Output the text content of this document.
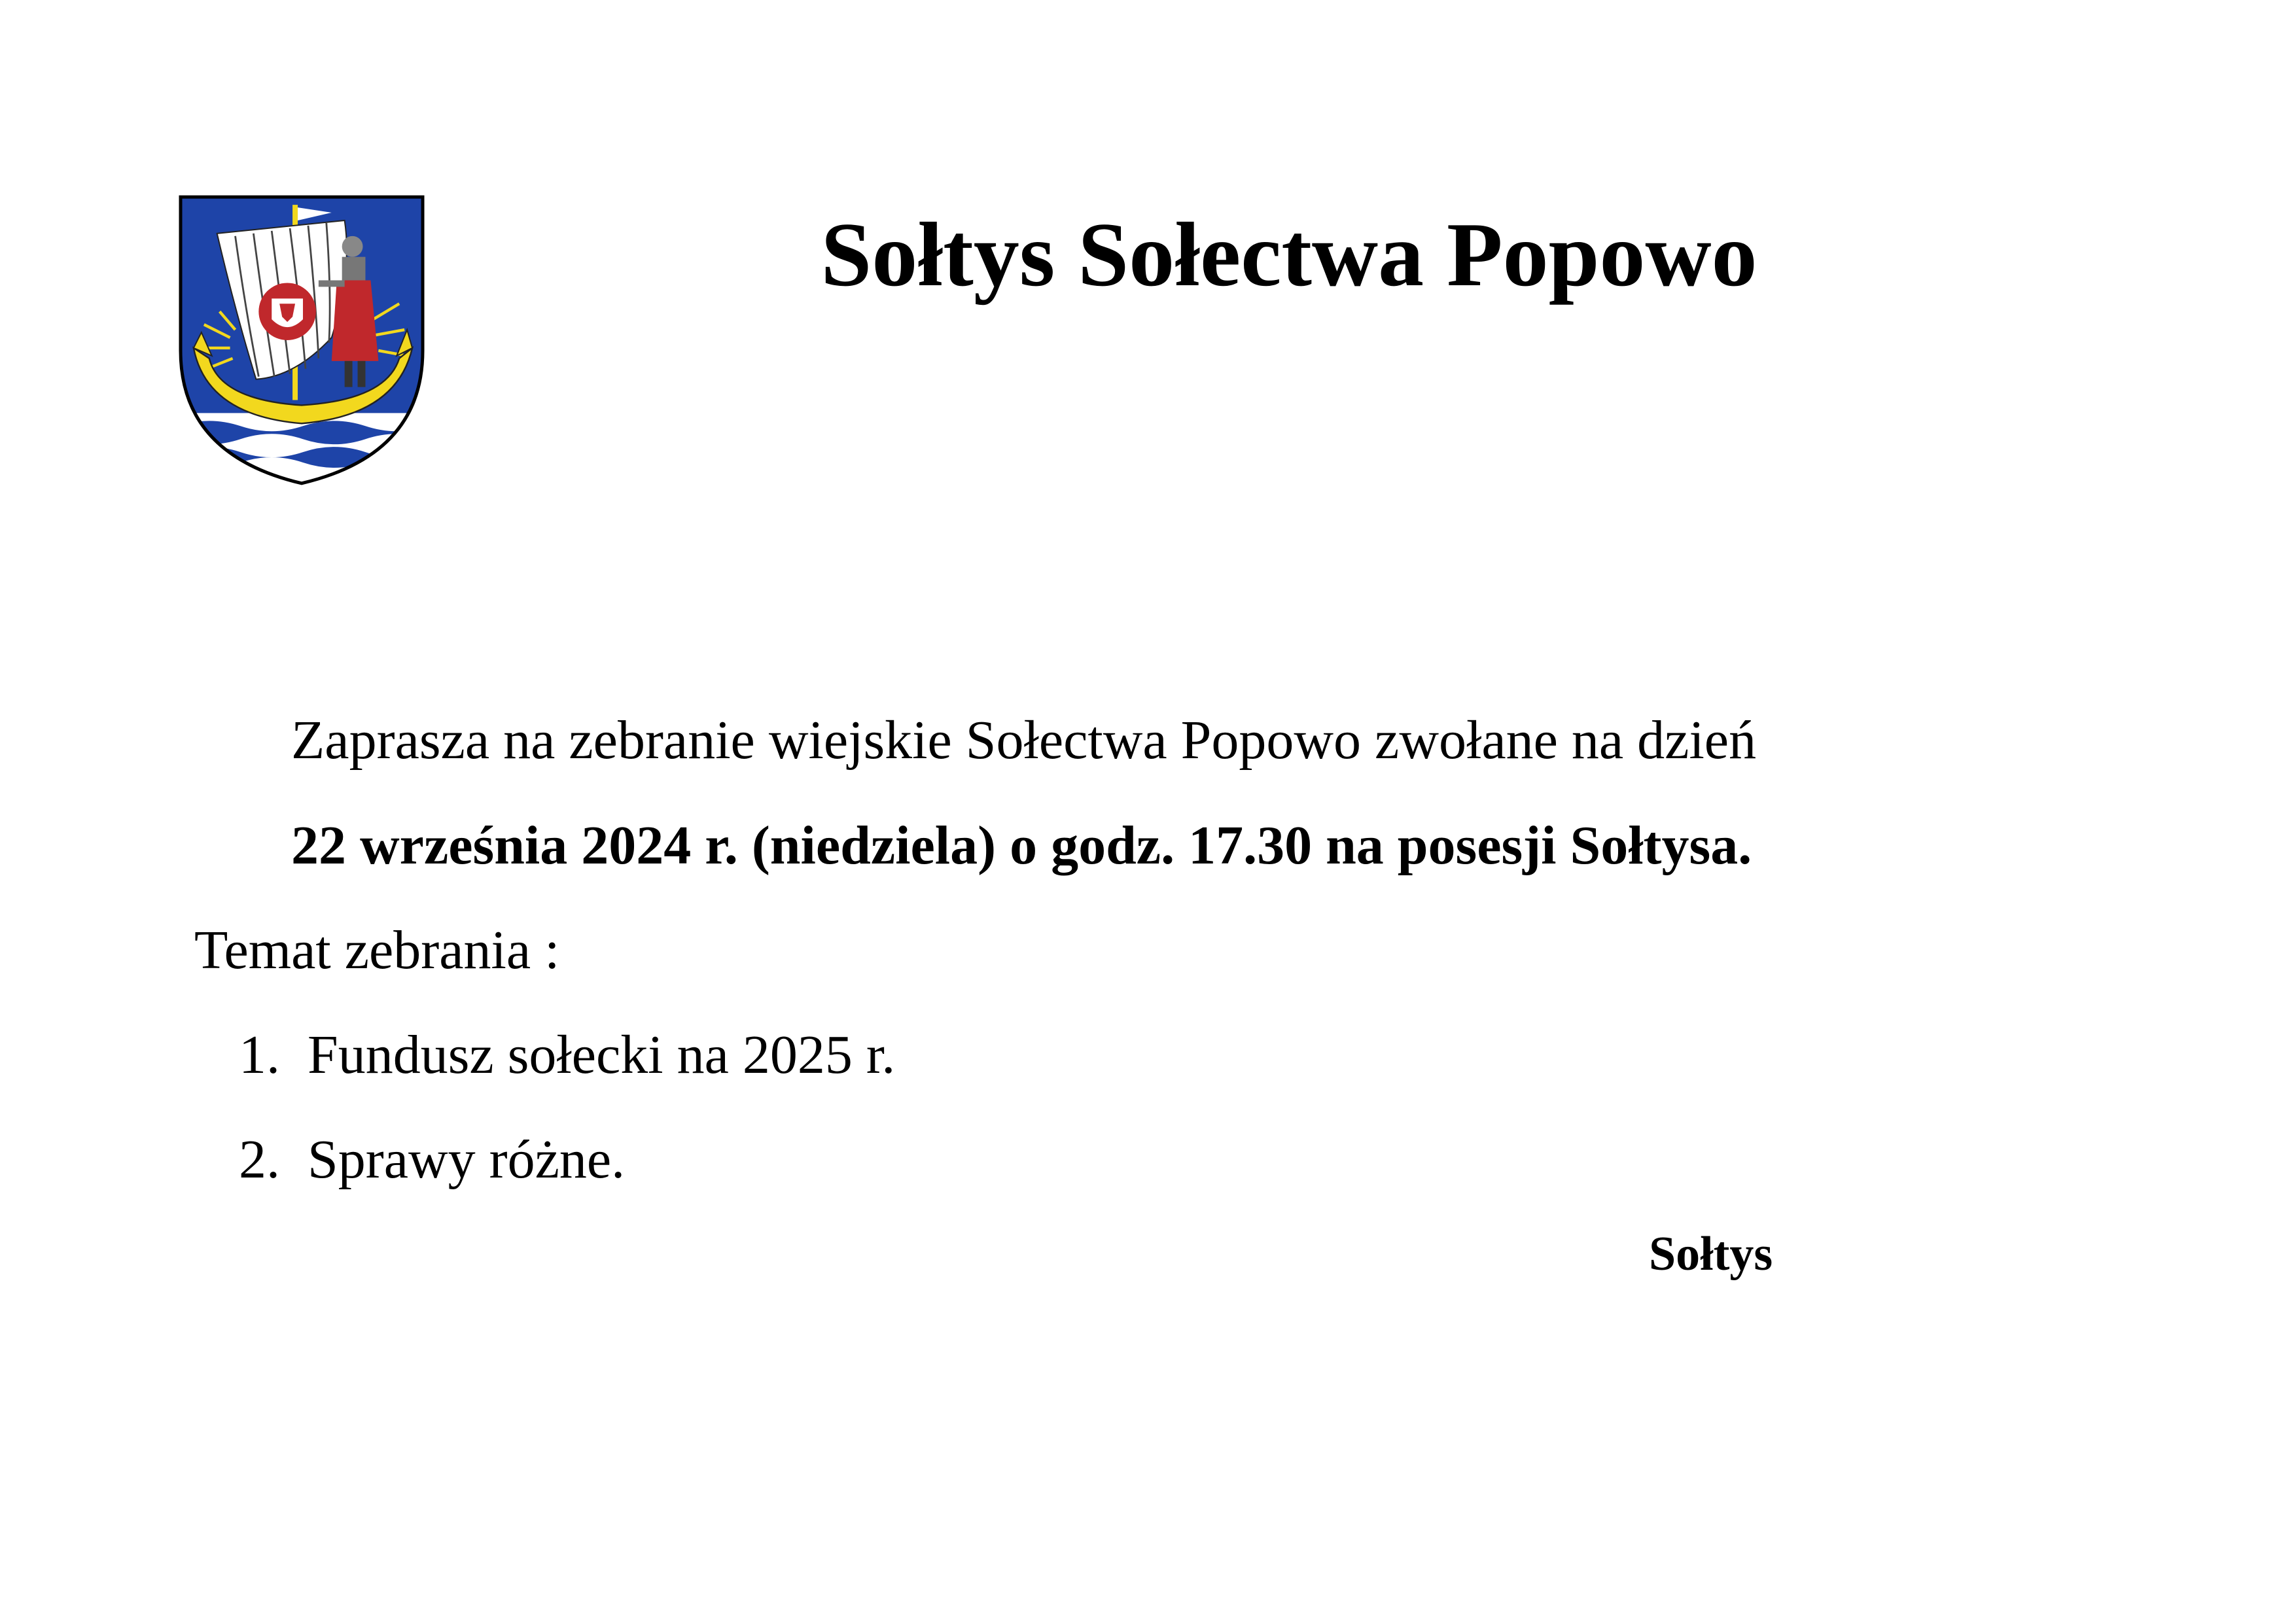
Sołtys Sołectwa Popowo
Zaprasza na zebranie wiejskie Sołectwa Popowo zwołane na dzień
22 września 2024 r. (niedziela) o godz. 17.30 na posesji Sołtysa.
Temat zebrania :
1. Fundusz sołecki na 2025 r.
2. Sprawy różne.
Sołtys
